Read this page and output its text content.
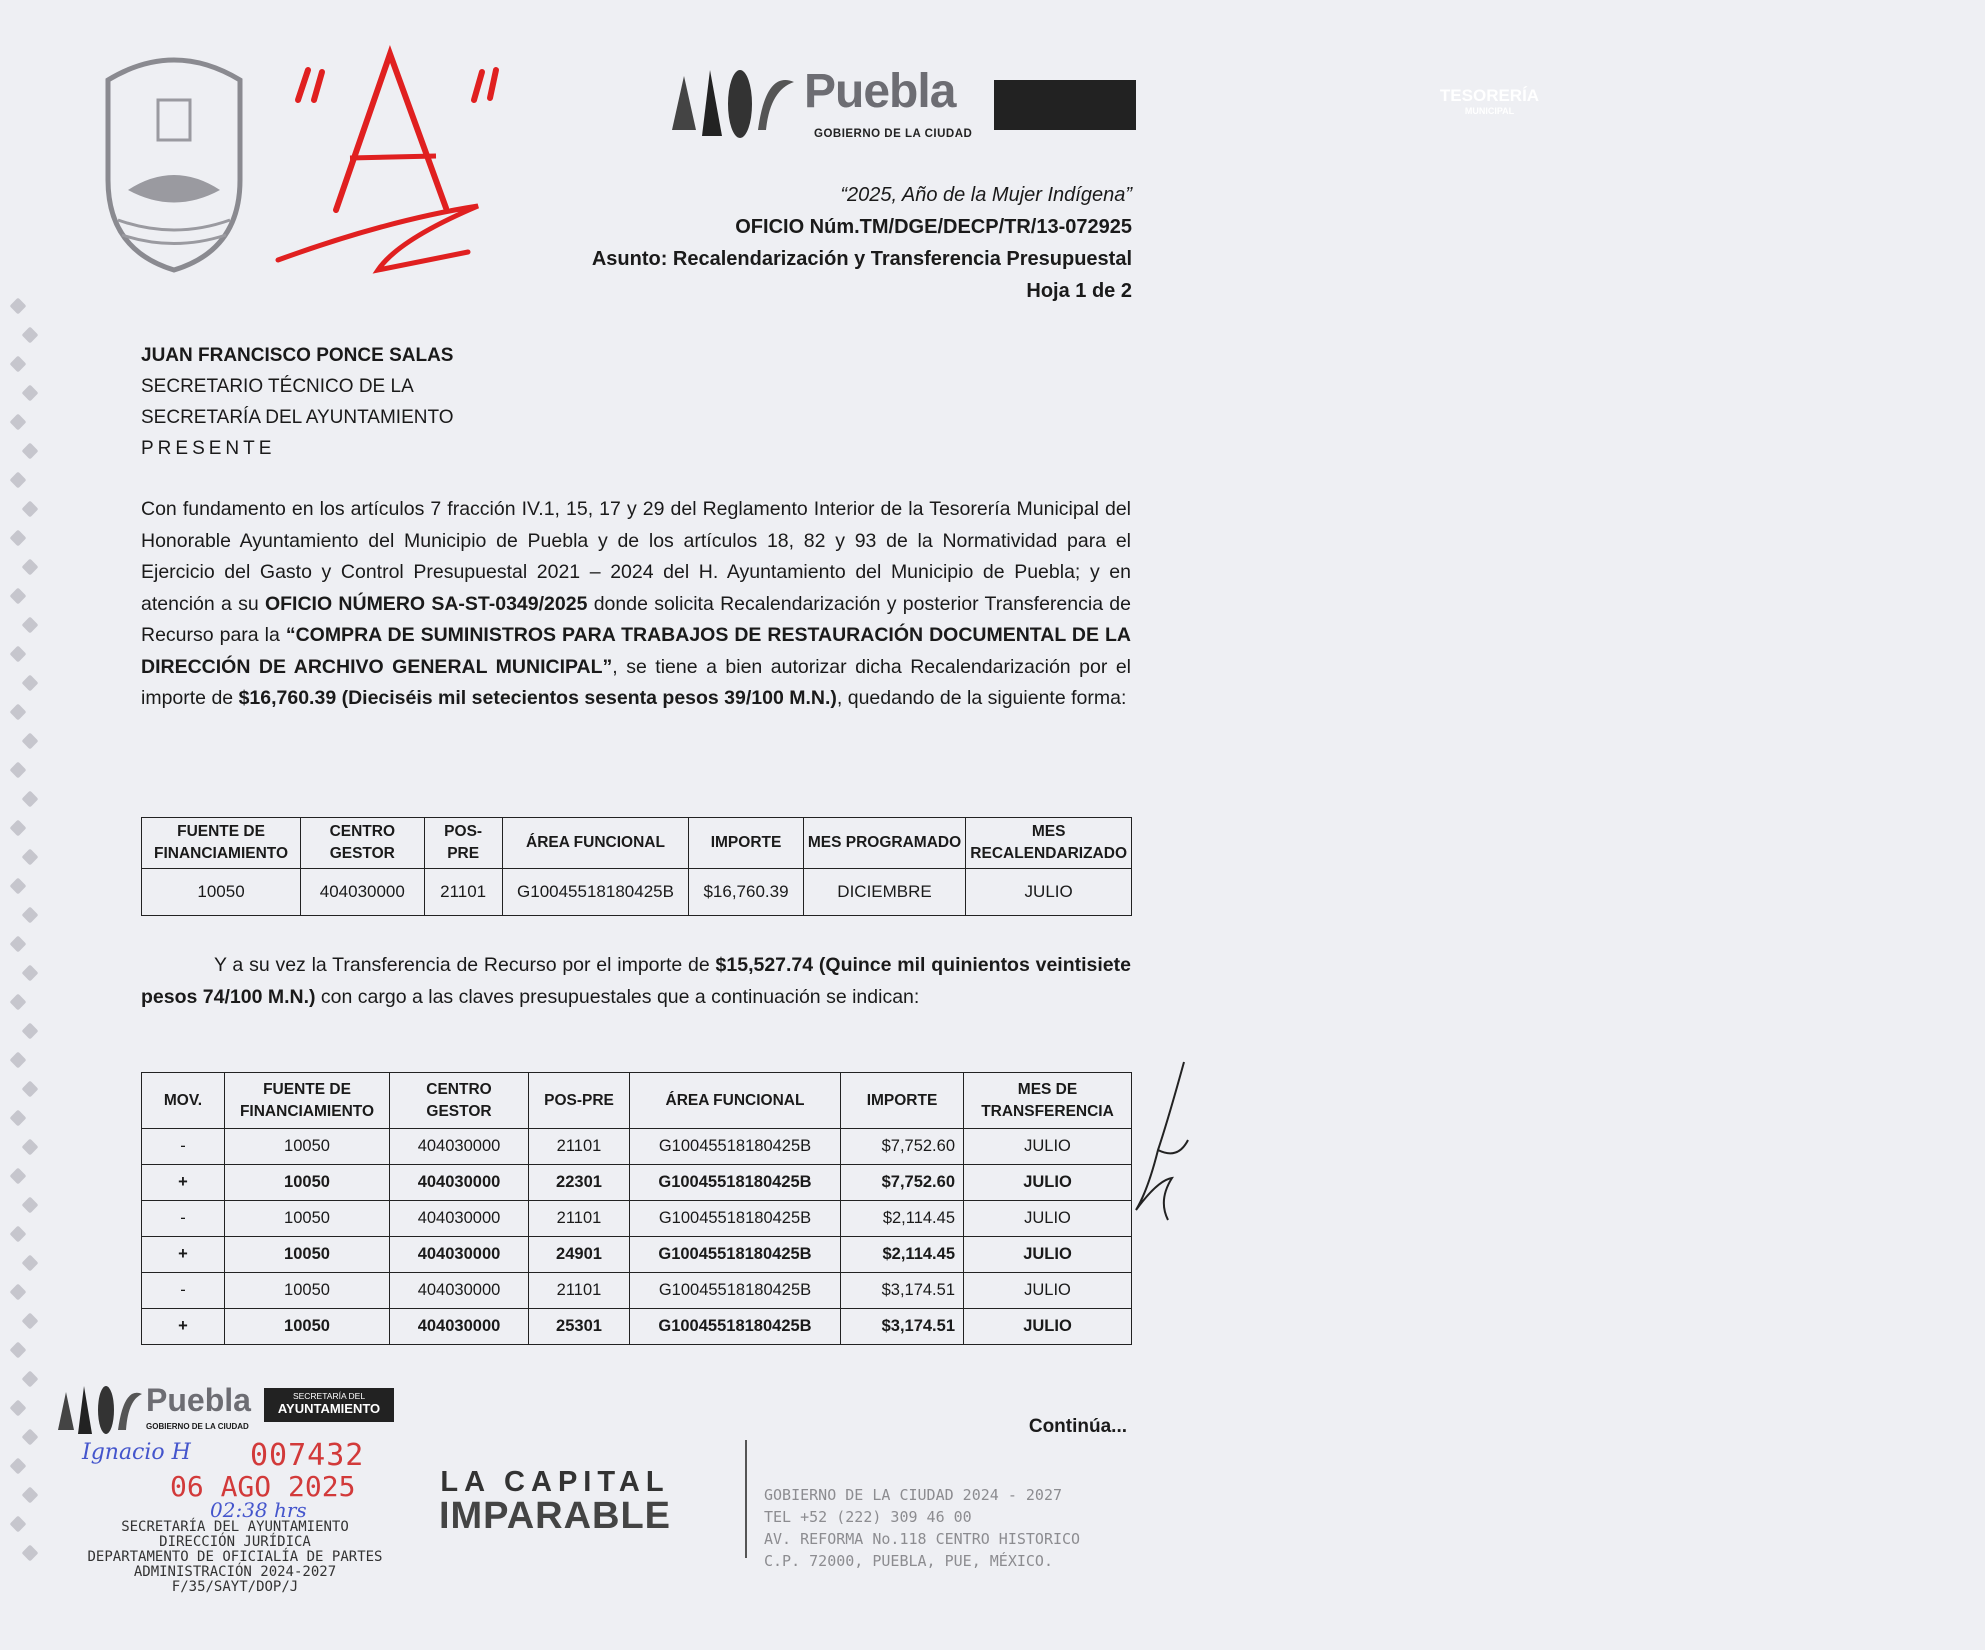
Puebla
GOBIERNO DE LA CIUDAD
TESORERÍA
MUNICIPAL
“2025, Año de la Mujer Indígena”
OFICIO Núm.TM/DGE/DECP/TR/13-072925
Asunto: Recalendarización y Transferencia Presupuestal
Hoja 1 de 2
JUAN FRANCISCO PONCE SALAS
SECRETARIO TÉCNICO DE LA
SECRETARÍA DEL AYUNTAMIENTO
PRESENTE
Con fundamento en los artículos 7 fracción IV.1, 15, 17 y 29 del Reglamento Interior de la Tesorería Municipal del Honorable Ayuntamiento del Municipio de Puebla y de los artículos 18, 82 y 93 de la Normatividad para el Ejercicio del Gasto y Control Presupuestal 2021 – 2024 del H. Ayuntamiento del Municipio de Puebla; y en atención a su OFICIO NÚMERO SA-ST-0349/2025 donde solicita Recalendarización y posterior Transferencia de Recurso para la “COMPRA DE SUMINISTROS PARA TRABAJOS DE RESTAURACIÓN DOCUMENTAL DE LA DIRECCIÓN DE ARCHIVO GENERAL MUNICIPAL”, se tiene a bien autorizar dicha Recalendarización por el importe de $16,760.39 (Dieciséis mil setecientos sesenta pesos 39/100 M.N.), quedando de la siguiente forma:
FUENTE DE FINANCIAMIENTO	CENTRO GESTOR	POS-PRE	ÁREA FUNCIONAL	IMPORTE	MES PROGRAMADO	MES RECALENDARIZADO
10050	404030000	21101	G10045518180425B	$16,760.39	DICIEMBRE	JULIO
Y a su vez la Transferencia de Recurso por el importe de $15,527.74 (Quince mil quinientos veintisiete pesos 74/100 M.N.) con cargo a las claves presupuestales que a continuación se indican:
MOV.	FUENTE DE FINANCIAMIENTO	CENTRO GESTOR	POS-PRE	ÁREA FUNCIONAL	IMPORTE	MES DE TRANSFERENCIA
-	10050	404030000	21101	G10045518180425B	$7,752.60	JULIO
+	10050	404030000	22301	G10045518180425B	$7,752.60	JULIO
-	10050	404030000	21101	G10045518180425B	$2,114.45	JULIO
+	10050	404030000	24901	G10045518180425B	$2,114.45	JULIO
-	10050	404030000	21101	G10045518180425B	$3,174.51	JULIO
+	10050	404030000	25301	G10045518180425B	$3,174.51	JULIO
Puebla
GOBIERNO DE LA CIUDAD
SECRETARÍA DEL
AYUNTAMIENTO
Ignacio H 007432
06 AGO 2025
02:38 hrs
SECRETARÍA DEL AYUNTAMIENTO
DIRECCIÓN JURÍDICA
DEPARTAMENTO DE OFICIALÍA DE PARTES
ADMINISTRACIÓN 2024-2027
F/35/SAYT/DOP/J
Continúa...
LA CAPITAL
IMPARABLE	GOBIERNO DE LA CIUDAD 2024 - 2027
TEL +52 (222) 309 46 00
AV. REFORMA No.118 CENTRO HISTORICO
C.P. 72000, PUEBLA, PUE, MÉXICO.
